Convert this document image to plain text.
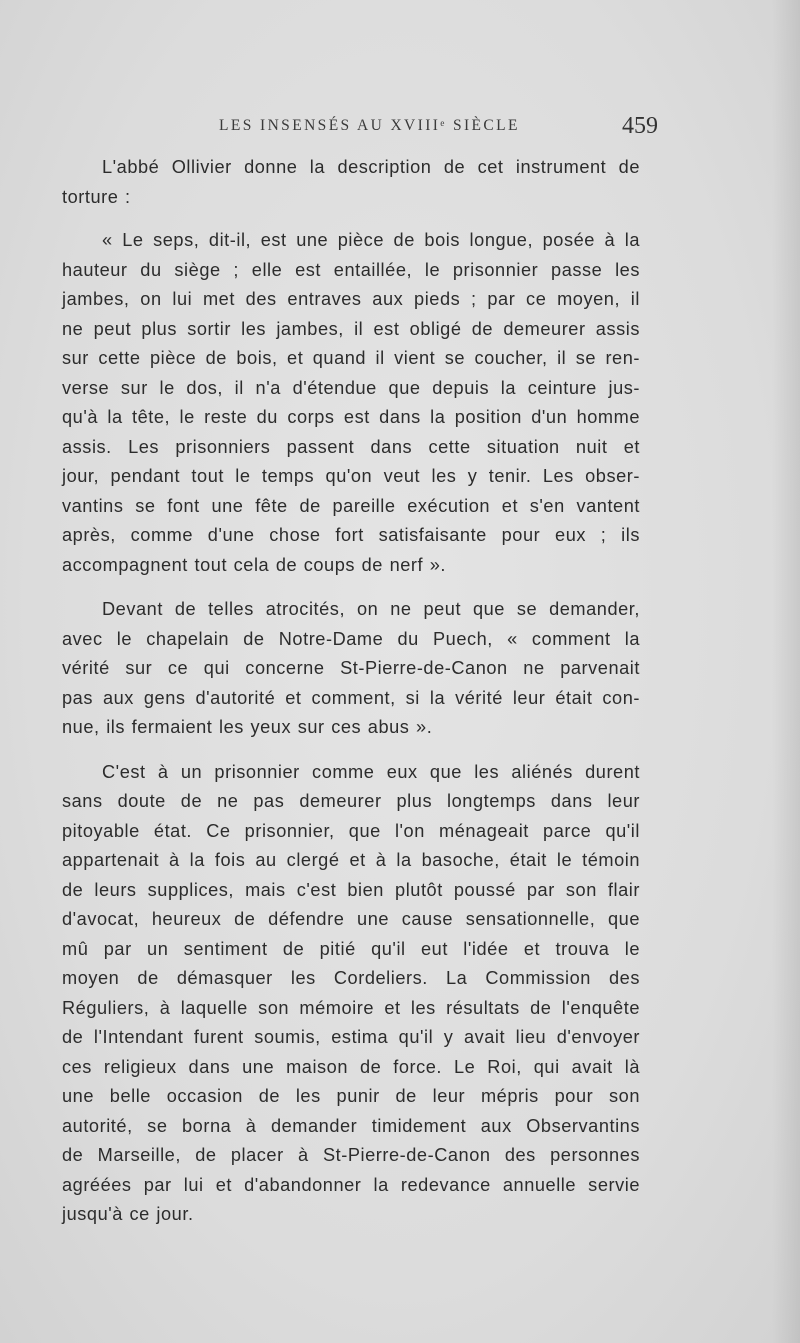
LES INSENSÉS AU XVIIIᵉ SIÈCLE	459

L'abbé Ollivier donne la description de cet instrument de
torture :

« Le seps, dit-il, est une pièce de bois longue, posée à la
hauteur du siège ; elle est entaillée, le prisonnier passe les
jambes, on lui met des entraves aux pieds ; par ce moyen, il
ne peut plus sortir les jambes, il est obligé de demeurer assis
sur cette pièce de bois, et quand il vient se coucher, il se ren-
verse sur le dos, il n'a d'étendue que depuis la ceinture jus-
qu'à la tête, le reste du corps est dans la position d'un homme
assis. Les prisonniers passent dans cette situation nuit et
jour, pendant tout le temps qu'on veut les y tenir. Les obser-
vantins se font une fête de pareille exécution et s'en vantent
après, comme d'une chose fort satisfaisante pour eux ; ils
accompagnent tout cela de coups de nerf ».

Devant de telles atrocités, on ne peut que se demander,
avec le chapelain de Notre-Dame du Puech, « comment la
vérité sur ce qui concerne St-Pierre-de-Canon ne parvenait
pas aux gens d'autorité et comment, si la vérité leur était con-
nue, ils fermaient les yeux sur ces abus ».

C'est à un prisonnier comme eux que les aliénés durent
sans doute de ne pas demeurer plus longtemps dans leur
pitoyable état. Ce prisonnier, que l'on ménageait parce qu'il
appartenait à la fois au clergé et à la basoche, était le témoin
de leurs supplices, mais c'est bien plutôt poussé par son flair
d'avocat, heureux de défendre une cause sensationnelle, que
mû par un sentiment de pitié qu'il eut l'idée et trouva le
moyen de démasquer les Cordeliers. La Commission des
Réguliers, à laquelle son mémoire et les résultats de l'enquête
de l'Intendant furent soumis, estima qu'il y avait lieu d'envoyer
ces religieux dans une maison de force. Le Roi, qui avait là
une belle occasion de les punir de leur mépris pour son
autorité, se borna à demander timidement aux Observantins
de Marseille, de placer à St-Pierre-de-Canon des personnes
agréées par lui et d'abandonner la redevance annuelle servie
jusqu'à ce jour.
